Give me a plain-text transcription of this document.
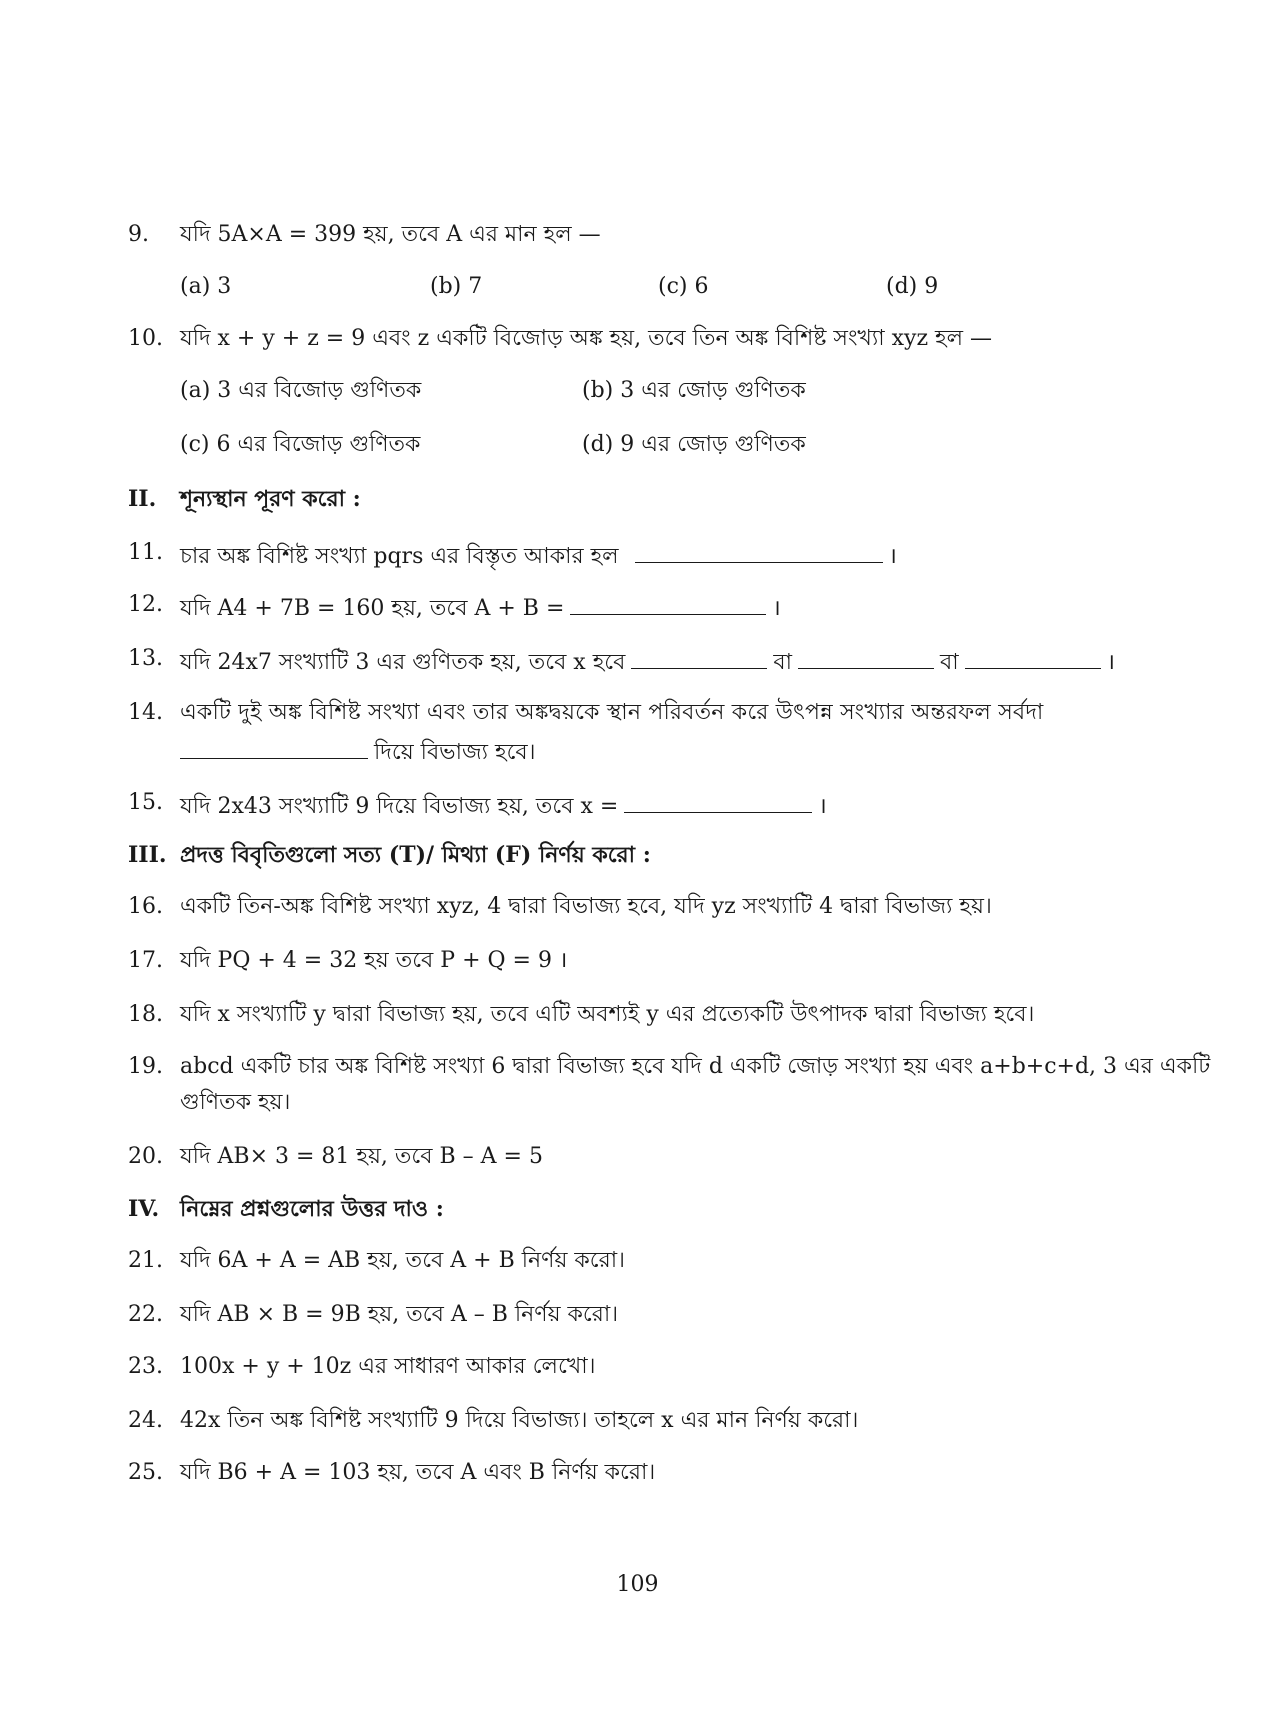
9. যদি 5A×A = 399 হয়, তবে A এর মান হল —
(a) 3	(b) 7	(c) 6	(d) 9
10. যদি x + y + z = 9 এবং z একটি বিজোড় অঙ্ক হয়, তবে তিন অঙ্ক বিশিষ্ট সংখ্যা xyz হল —
(a) 3 এর বিজোড় গুণিতক	(b) 3 এর জোড় গুণিতক
(c) 6 এর বিজোড় গুণিতক	(d) 9 এর জোড় গুণিতক
II. শূন্যস্থান পূরণ করো :
11. চার অঙ্ক বিশিষ্ট সংখ্যা pqrs এর বিস্তৃত আকার হল	।
12. যদি A4 + 7B = 160 হয়, তবে A + B =	।
13. যদি 24x7 সংখ্যাটি 3 এর গুণিতক হয়, তবে x হবে	বা	বা	।
14. একটি দুই অঙ্ক বিশিষ্ট সংখ্যা এবং তার অঙ্কদ্বয়কে স্থান পরিবর্তন করে উৎপন্ন সংখ্যার অন্তরফল সর্বদা
দিয়ে বিভাজ্য হবে।
15. যদি 2x43 সংখ্যাটি 9 দিয়ে বিভাজ্য হয়, তবে x =	।
III. প্রদত্ত বিবৃতিগুলো সত্য (T)/ মিথ্যা (F) নির্ণয় করো :
16. একটি তিন-অঙ্ক বিশিষ্ট সংখ্যা xyz, 4 দ্বারা বিভাজ্য হবে, যদি yz সংখ্যাটি 4 দ্বারা বিভাজ্য হয়।
17. যদি PQ + 4 = 32 হয় তবে P + Q = 9 ।
18. যদি x সংখ্যাটি y দ্বারা বিভাজ্য হয়, তবে এটি অবশ্যই y এর প্রত্যেকটি উৎপাদক দ্বারা বিভাজ্য হবে।
19. abcd একটি চার অঙ্ক বিশিষ্ট সংখ্যা 6 দ্বারা বিভাজ্য হবে যদি d একটি জোড় সংখ্যা হয় এবং a+b+c+d, 3 এর একটি
গুণিতক হয়।
20. যদি AB× 3 = 81 হয়, তবে B – A = 5
IV. নিম্নের প্রশ্নগুলোর উত্তর দাও :
21. যদি 6A + A = AB হয়, তবে A + B নির্ণয় করো।
22. যদি AB × B = 9B হয়, তবে A – B নির্ণয় করো।
23. 100x + y + 10z এর সাধারণ আকার লেখো।
24. 42x তিন অঙ্ক বিশিষ্ট সংখ্যাটি 9 দিয়ে বিভাজ্য। তাহলে x এর মান নির্ণয় করো।
25. যদি B6 + A = 103 হয়, তবে A এবং B নির্ণয় করো।
109
